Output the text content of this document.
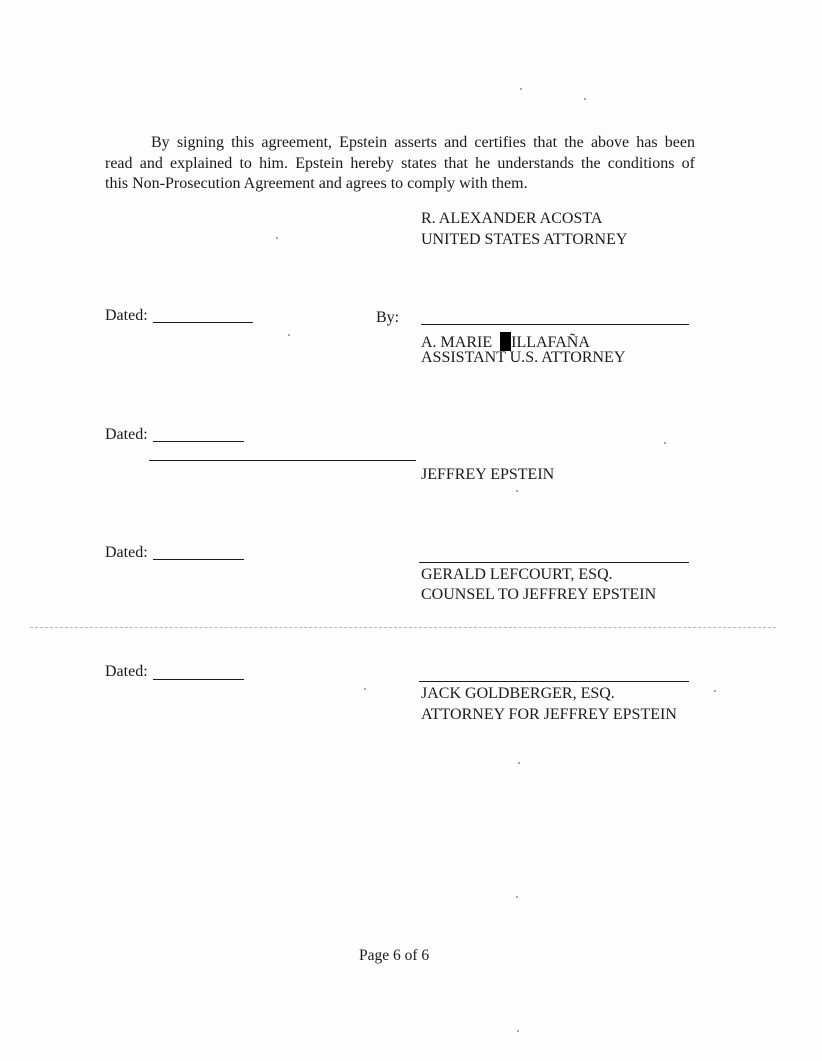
By signing this agreement, Epstein asserts and certifies that the above has been
read and explained to him. Epstein hereby states that he understands the conditions of
this Non-Prosecution Agreement and agrees to comply with them.
R. ALEXANDER ACOSTA
UNITED STATES ATTORNEY
Dated:	By:
A. MARIE ILLAFAÑA
ASSISTANT U.S. ATTORNEY
Dated:
JEFFREY EPSTEIN
Dated:
GERALD LEFCOURT, ESQ.
COUNSEL TO JEFFREY EPSTEIN
Dated:
JACK GOLDBERGER, ESQ.
ATTORNEY FOR JEFFREY EPSTEIN
Page 6 of 6
